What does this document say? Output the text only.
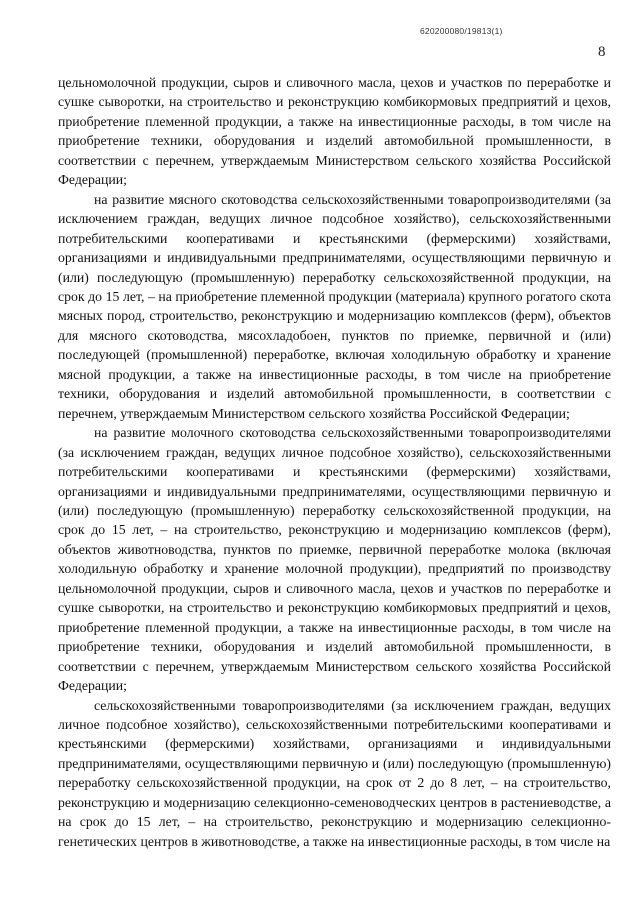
620200080/19813(1)
8

цельномолочной продукции, сыров и сливочного масла, цехов и участков по переработке и сушке сыворотки, на строительство и реконструкцию комбикормовых предприятий и цехов, приобретение племенной продукции, а также на инвестиционные расходы, в том числе на приобретение техники, оборудования и изделий автомобильной промышленности, в соответствии с перечнем, утверждаемым Министерством сельского хозяйства Российской Федерации;

на развитие мясного скотоводства сельскохозяйственными товаропроизводителями (за исключением граждан, ведущих личное подсобное хозяйство), сельскохозяйственными потребительскими кооперативами и крестьянскими (фермерскими) хозяйствами, организациями и индивидуальными предпринимателями, осуществляющими первичную и (или) последующую (промышленную) переработку сельскохозяйственной продукции, на срок до 15 лет, – на приобретение племенной продукции (материала) крупного рогатого скота мясных пород, строительство, реконструкцию и модернизацию комплексов (ферм), объектов для мясного скотоводства, мясохладобоен, пунктов по приемке, первичной и (или) последующей (промышленной) переработке, включая холодильную обработку и хранение мясной продукции, а также на инвестиционные расходы, в том числе на приобретение техники, оборудования и изделий автомобильной промышленности, в соответствии с перечнем, утверждаемым Министерством сельского хозяйства Российской Федерации;

на развитие молочного скотоводства сельскохозяйственными товаропроизводителями (за исключением граждан, ведущих личное подсобное хозяйство), сельскохозяйственными потребительскими кооперативами и крестьянскими (фермерскими) хозяйствами, организациями и индивидуальными предпринимателями, осуществляющими первичную и (или) последующую (промышленную) переработку сельскохозяйственной продукции, на срок до 15 лет, – на строительство, реконструкцию и модернизацию комплексов (ферм), объектов животноводства, пунктов по приемке, первичной переработке молока (включая холодильную обработку и хранение молочной продукции), предприятий по производству цельномолочной продукции, сыров и сливочного масла, цехов и участков по переработке и сушке сыворотки, на строительство и реконструкцию комбикормовых предприятий и цехов, приобретение племенной продукции, а также на инвестиционные расходы, в том числе на приобретение техники, оборудования и изделий автомобильной промышленности, в соответствии с перечнем, утверждаемым Министерством сельского хозяйства Российской Федерации;

сельскохозяйственными товаропроизводителями (за исключением граждан, ведущих личное подсобное хозяйство), сельскохозяйственными потребительскими кооперативами и крестьянскими (фермерскими) хозяйствами, организациями и индивидуальными предпринимателями, осуществляющими первичную и (или) последующую (промышленную) переработку сельскохозяйственной продукции, на срок от 2 до 8 лет, – на строительство, реконструкцию и модернизацию селекционно-семеноводческих центров в растениеводстве, а на срок до 15 лет, – на строительство, реконструкцию и модернизацию селекционно-генетических центров в животноводстве, а также на инвестиционные расходы, в том числе на
